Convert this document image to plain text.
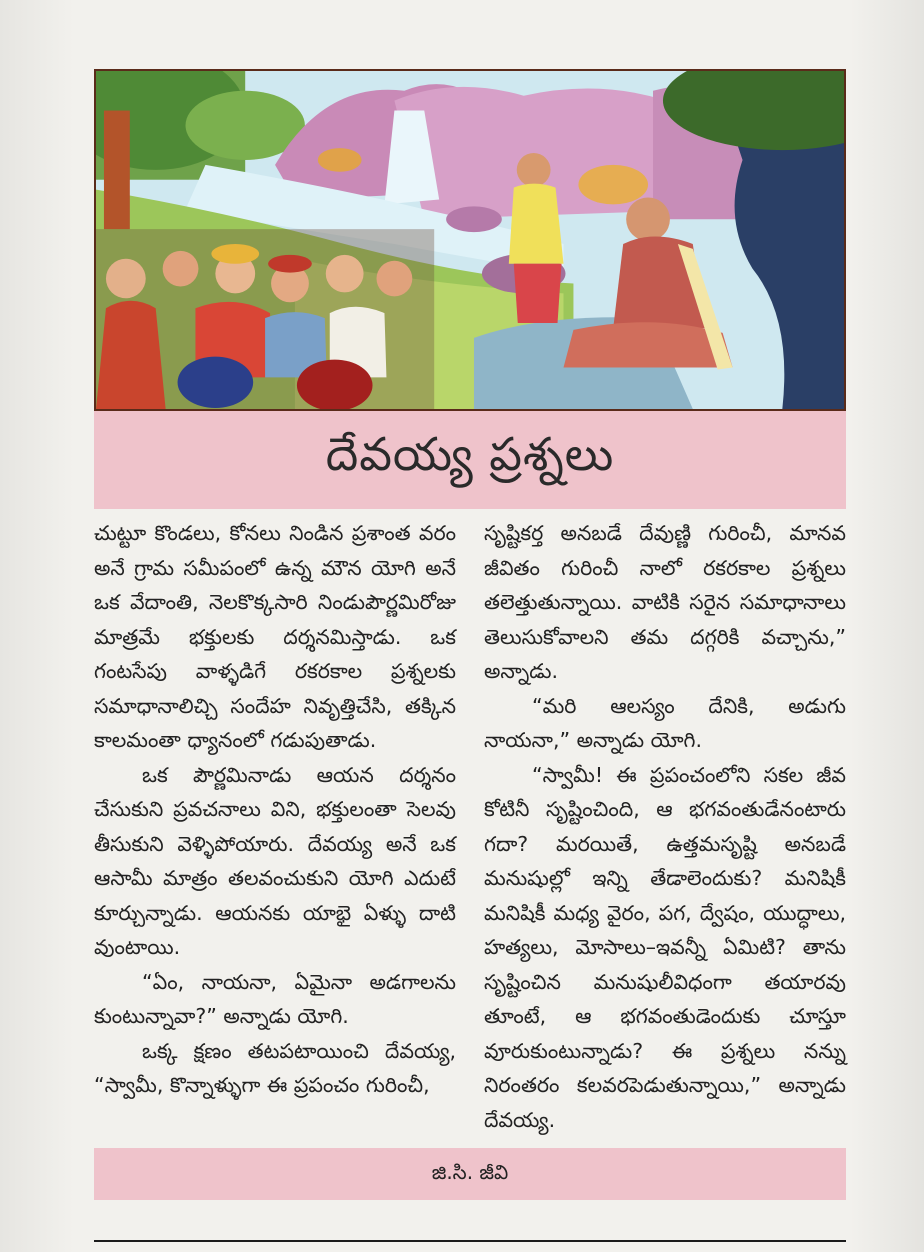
దేవయ్య ప్రశ్నలు

చుట్టూ కొండలు, కోనలు నిండిన ప్రశాంత వరం అనే గ్రామ సమీపంలో ఉన్న మౌన యోగి అనే ఒక వేదాంతి, నెలకొక్కసారి నిండుపౌర్ణమిరోజు మాత్రమే భక్తులకు దర్శనమిస్తాడు. ఒక గంటసేపు వాళ్ళడిగే రకరకాల ప్రశ్నలకు సమాధానాలిచ్చి సందేహ నివృత్తిచేసి, తక్కిన కాలమంతా ధ్యానంలో గడుపుతాడు.

ఒక పౌర్ణమినాడు ఆయన దర్శనం చేసుకుని ప్రవచనాలు విని, భక్తులంతా సెలవు తీసుకుని వెళ్ళిపోయారు. దేవయ్య అనే ఒక ఆసామీ మాత్రం తలవంచుకుని యోగి ఎదుటే కూర్చున్నాడు. ఆయనకు యాభై ఏళ్ళు దాటి వుంటాయి.

“ఏం, నాయనా, ఏమైనా అడగాలను కుంటున్నావా?” అన్నాడు యోగి.

ఒక్క క్షణం తటపటాయించి దేవయ్య, “స్వామీ, కొన్నాళ్ళుగా ఈ ప్రపంచం గురించీ,

సృష్టికర్త అనబడే దేవుణ్ణి గురించీ, మానవ జీవితం గురించీ నాలో రకరకాల ప్రశ్నలు తలెత్తుతున్నాయి. వాటికి సరైన సమాధానాలు తెలుసుకోవాలని తమ దగ్గరికి వచ్చాను,” అన్నాడు.

“మరి ఆలస్యం దేనికి, అడుగు నాయనా,” అన్నాడు యోగి.

“స్వామీ! ఈ ప్రపంచంలోని సకల జీవ కోటినీ సృష్టించింది, ఆ భగవంతుడేనంటారు గదా? మరయితే, ఉత్తమసృష్టి అనబడే మనుషుల్లో ఇన్ని తేడాలెందుకు? మనిషికీ మనిషికీ మధ్య వైరం, పగ, ద్వేషం, యుద్ధాలు, హత్యలు, మోసాలు–ఇవన్నీ ఏమిటి? తాను సృష్టించిన మనుషులీవిధంగా తయారవు తూంటే, ఆ భగవంతుడెందుకు చూస్తూ వూరుకుంటున్నాడు? ఈ ప్రశ్నలు నన్ను నిరంతరం కలవరపెడుతున్నాయి,” అన్నాడు దేవయ్య.

జి.సి. జీవి
